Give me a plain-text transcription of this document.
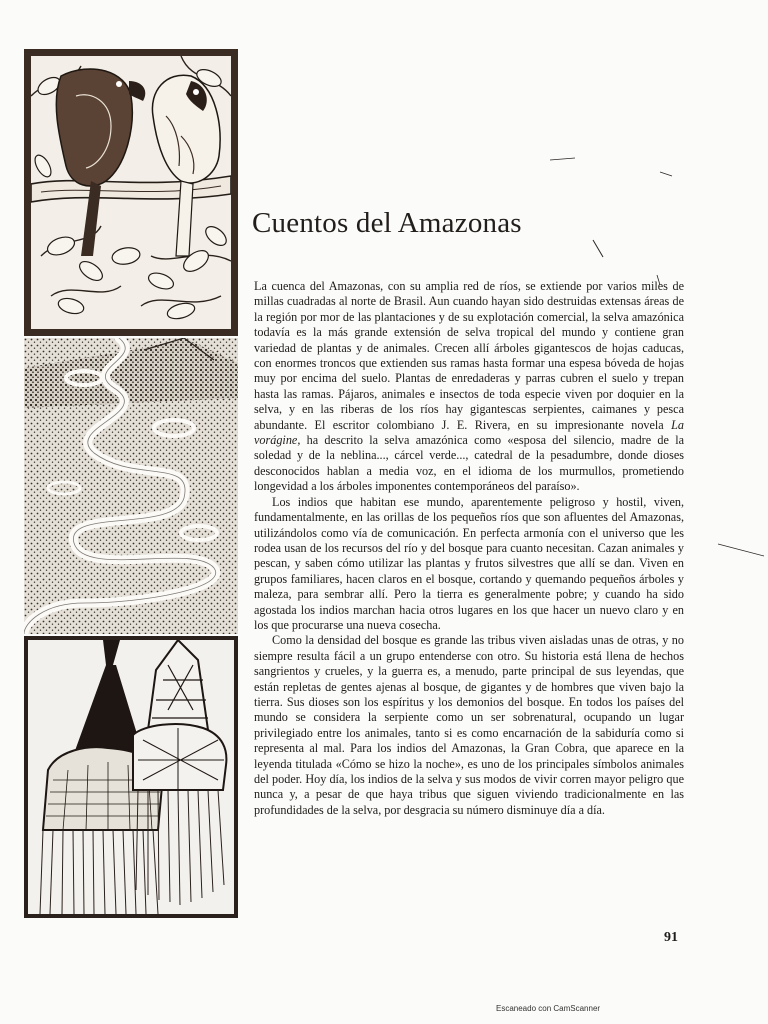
Cuentos del Amazonas

La cuenca del Amazonas, con su amplia red de ríos, se extiende por varios miles de millas cuadradas al norte de Brasil. Aun cuando hayan sido destruidas extensas áreas de la región por mor de las plantaciones y de su explotación comercial, la selva amazónica todavía es la más grande extensión de selva tropical del mundo y contiene gran variedad de plantas y de animales. Crecen allí árboles gigantescos de hojas caducas, con enormes troncos que extienden sus ramas hasta formar una espesa bóveda de hojas muy por encima del suelo. Plantas de enredaderas y parras cubren el suelo y trepan hasta las ramas. Pájaros, animales e insectos de toda especie viven por doquier en la selva, y en las riberas de los ríos hay gigantescas serpientes, caimanes y pesca abundante. El escritor colombiano J. E. Rivera, en su impresionante novela La vorágine, ha descrito la selva amazónica como «esposa del silencio, madre de la soledad y de la neblina..., cárcel verde..., catedral de la pesadumbre, donde dioses desconocidos hablan a media voz, en el idioma de los murmullos, prometiendo longevidad a los árboles imponentes contemporáneos del paraíso».

Los indios que habitan ese mundo, aparentemente peligroso y hostil, viven, fundamentalmente, en las orillas de los pequeños ríos que son afluentes del Amazonas, utilizándolos como vía de comunicación. En perfecta armonía con el universo que les rodea usan de los recursos del río y del bosque para cuanto necesitan. Cazan animales y pescan, y saben cómo utilizar las plantas y frutos silvestres que allí se dan. Viven en grupos familiares, hacen claros en el bosque, cortando y quemando pequeños árboles y maleza, para sembrar allí. Pero la tierra es generalmente pobre; y cuando ha sido agostada los indios marchan hacia otros lugares en los que hacer un nuevo claro y en los que procurarse una nueva cosecha.

Como la densidad del bosque es grande las tribus viven aisladas unas de otras, y no siempre resulta fácil a un grupo entenderse con otro. Su historia está llena de hechos sangrientos y crueles, y la guerra es, a menudo, parte principal de sus leyendas, que están repletas de gentes ajenas al bosque, de gigantes y de hombres que viven bajo la tierra. Sus dioses son los espíritus y los demonios del bosque. En todos los países del mundo se considera la serpiente como un ser sobrenatural, ocupando un lugar privilegiado entre los animales, tanto si es como encarnación de la sabiduría como si representa al mal. Para los indios del Amazonas, la Gran Cobra, que aparece en la leyenda titulada «Cómo se hizo la noche», es uno de los principales símbolos animales del poder. Hoy día, los indios de la selva y sus modos de vivir corren mayor peligro que nunca y, a pesar de que haya tribus que siguen viviendo tradicionalmente en las profundidades de la selva, por desgracia su número disminuye día a día.

91
Escaneado con CamScanner
